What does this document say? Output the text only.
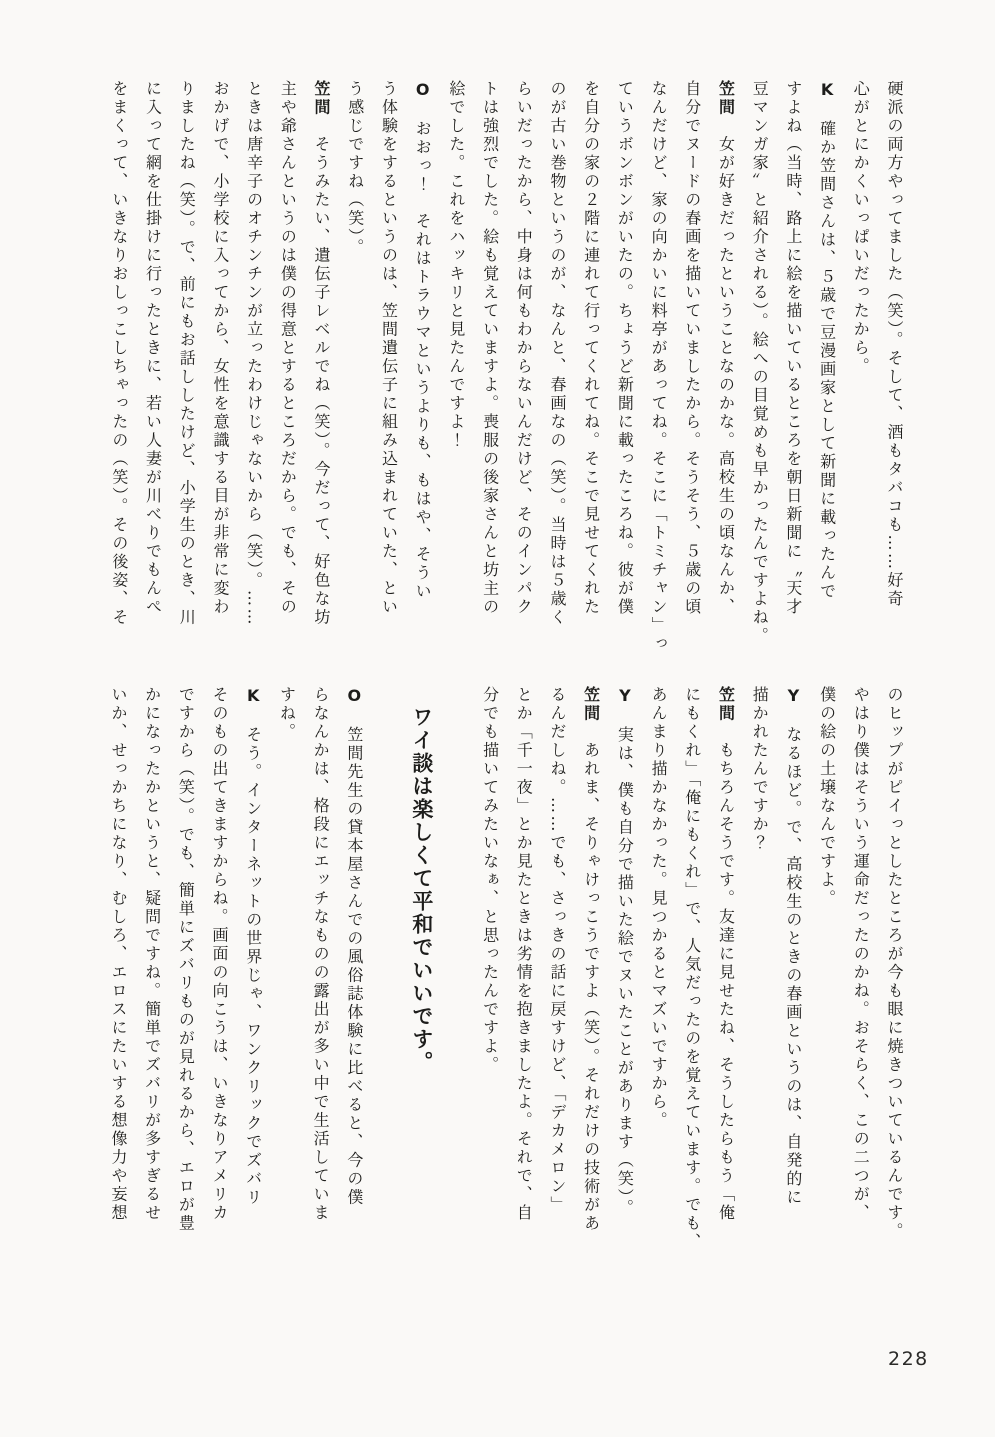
硬派の両方やってました（笑）。そして、酒もタバコも……好奇

心がとにかくいっぱいだったから。

K　確か笠間さんは、５歳で豆漫画家として新聞に載ったんで

すよね（当時、路上に絵を描いているところを朝日新聞に〝天才

豆マンガ家〟と紹介される）。絵への目覚めも早かったんですよね。

笠間　女が好きだったということなのかな。高校生の頃なんか、

自分でヌードの春画を描いていましたから。そうそう、５歳の頃

なんだけど、家の向かいに料亭があってね。そこに「トミチャン」っ

ていうボンボンがいたの。ちょうど新聞に載ったころね。彼が僕

を自分の家の２階に連れて行ってくれてね。そこで見せてくれた

のが古い巻物というのが、なんと、春画なの（笑）。当時は５歳く

らいだったから、中身は何もわからないんだけど、そのインパク

トは強烈でした。絵も覚えていますよ。喪服の後家さんと坊主の

絵でした。これをハッキリと見たんですよ！

O　おおっ！　それはトラウマというよりも、もはや、そうい

う体験をするというのは、笠間遺伝子に組み込まれていた、とい

う感じですね（笑）。

笠間　そうみたい、遺伝子レベルでね（笑）。今だって、好色な坊

主や爺さんというのは僕の得意とするところだから。でも、その

ときは唐辛子のオチンチンが立ったわけじゃないから（笑）。……

おかげで、小学校に入ってから、女性を意識する目が非常に変わ

りましたね（笑）。で、前にもお話ししたけど、小学生のとき、川

に入って網を仕掛けに行ったときに、若い人妻が川べりでもんぺ

をまくって、いきなりおしっこしちゃったの（笑）。その後姿、そ

のヒップがピイっとしたところが今も眼に焼きついているんです。

やはり僕はそういう運命だったのかね。おそらく、この二つが、

僕の絵の土壌なんですよ。

Y　なるほど。で、高校生のときの春画というのは、自発的に

描かれたんですか？

笠間　もちろんそうです。友達に見せたね、そうしたらもう「俺

にもくれ」「俺にもくれ」で、人気だったのを覚えています。でも、

あんまり描かなかった。見つかるとマズいですから。

Y　実は、僕も自分で描いた絵でヌいたことがあります（笑）。

笠間　あれま、そりゃけっこうですよ（笑）。それだけの技術があ

るんだしね。……でも、さっきの話に戻すけど、「デカメロン」

とか「千一夜」とか見たときは劣情を抱きましたよ。それで、自

分でも描いてみたいなぁ、と思ったんですよ。

ワイ談は楽しくて平和でいいです。

O　笠間先生の貸本屋さんでの風俗誌体験に比べると、今の僕

らなんかは、格段にエッチなものの露出が多い中で生活していま

すね。

K　そう。インターネットの世界じゃ、ワンクリックでズバリ

そのもの出てきますからね。画面の向こうは、いきなりアメリカ

ですから（笑）。でも、簡単にズバリものが見れるから、エロが豊

かになったかというと、疑問ですね。簡単でズバリが多すぎるせ

いか、せっかちになり、むしろ、エロスにたいする想像力や妄想

228
